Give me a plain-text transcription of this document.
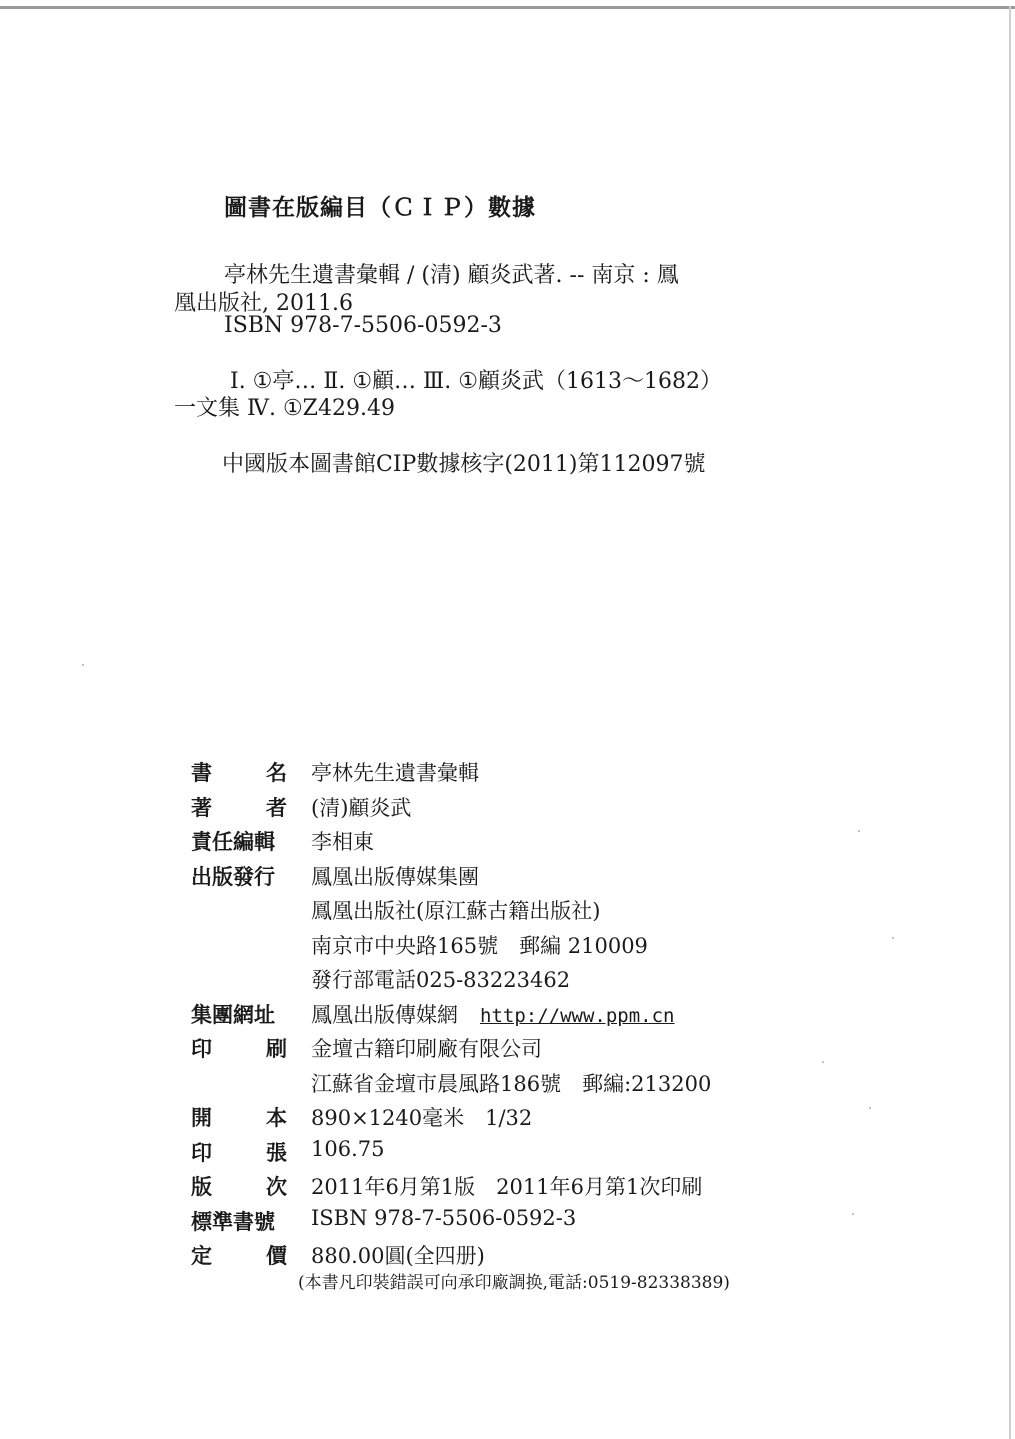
圖書在版編目（ＣＩＰ）數據
亭林先生遺書彙輯 / (清) 顧炎武著. -- 南京 : 鳳
凰出版社, 2011.6
ISBN 978-7-5506-0592-3
Ⅰ. ①亭… Ⅱ. ①顧… Ⅲ. ①顧炎武（1613～1682）
一文集 Ⅳ. ①Z429.49
中國版本圖書館CIP數據核字(2011)第112097號
書	名 亭林先生遺書彙輯
著	者 (清)顧炎武
責任編輯	李相東
出版發行	鳳凰出版傳媒集團
鳳凰出版社(原江蘇古籍出版社)
南京市中央路165號　郵編 210009
發行部電話025-83223462
集團網址	鳳凰出版傳媒網 http://www.ppm.cn
印	刷 金壇古籍印刷廠有限公司
江蘇省金壇市晨風路186號　郵編:213200
開	本 890×1240毫米　1/32
印	張 106.75
版	次 2011年6月第1版　2011年6月第1次印刷
標準書號	ISBN 978-7-5506-0592-3
定	價 880.00圓(全四册)
(本書凡印裝錯誤可向承印廠調换,電話:0519-82338389)
